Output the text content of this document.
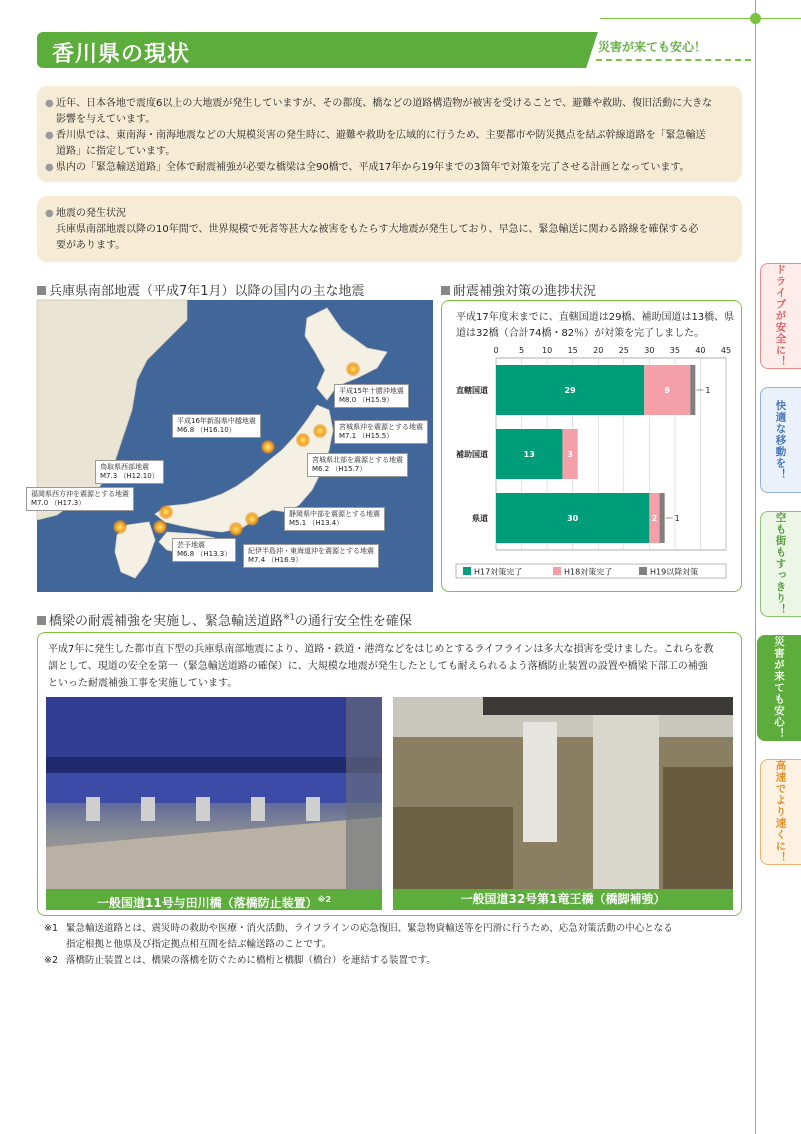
香川県の現状	災害が来ても安心！
● 近年、日本各地で震度6以上の大地震が発生していますが、その都度、橋などの道路構造物が被害を受けることで、避難や救助、復旧活動に大きな
影響を与えています。
● 香川県では、東南海・南海地震などの大規模災害の発生時に、避難や救助を広域的に行うため、主要都市や防災拠点を結ぶ幹線道路を「緊急輸送
道路」に指定しています。
● 県内の「緊急輸送道路」全体で耐震補強が必要な橋梁は全90橋で、平成17年から19年までの3箇年で対策を完了させる計画となっています。
● 地震の発生状況
兵庫県南部地震以降の10年間で、世界規模で死者等甚大な被害をもたらす大地震が発生しており、早急に、緊急輸送に関わる路線を確保する必
要があります。
兵庫県南部地震（平成7年1月）以降の国内の主な地震	耐震補強対策の進捗状況
平成15年十勝沖地震
M8.0 （H15.9）
平成16年新潟県中越地震
M6.8 （H16.10）	宮城県沖を震源とする地震
M7.1 （H15.5）
宮城県北部を震源とする地震
M6.2 （H15.7）
鳥取県西部地震
M7.3 （H12.10）
福岡県西方沖を震源とする地震
M7.0 （H17.3）
静岡県中部を震源とする地震
M5.1 （H13.4）
芸予地震
M6.8 （H13.3） 紀伊半島沖・東海道沖を震源とする地震
M7.4 （H16.9）
平成17年度末までに、直轄国道は29橋、補助国道は13橋、県道は32橋（合計74橋・82％）が対策を完了しました。
0	5 10 15 20 25 30 35 40 45
直轄国道	29	9	1
補助国道	13	3
県道	30	2 1
H17対策完了	H18対策完了	H19以降対策
橋梁の耐震補強を実施し、緊急輸送道路$^{※1}$の通行安全性を確保
平成7年に発生した都市直下型の兵庫県南部地震により、道路・鉄道・港湾などをはじめとするライフラインは多大な損害を受けました。これらを教
訓として、現道の安全を第一（緊急輸送道路の確保）に、大規模な地震が発生したとしても耐えられるよう落橋防止装置の設置や橋梁下部工の補強
といった耐震補強工事を実施しています。
一般国道11号与田川橋（落橋防止装置）$^{※2}$	一般国道32号第1竜王橋（橋脚補強）
※1 緊急輸送道路とは、震災時の救助や医療・消火活動、ライフラインの応急復旧、緊急物資輸送等を円滑に行うため、応急対策活動の中心となる
指定根拠と他県及び指定拠点相互間を結ぶ輸送路のことです。
※2 落橋防止装置とは、橋梁の落橋を防ぐために橋桁と橋脚（橋台）を連結する装置です。
ドライブが安全に！
快適な移動を！
空も街もすっきり！
災害が来ても安心！
高速でより速くに！
